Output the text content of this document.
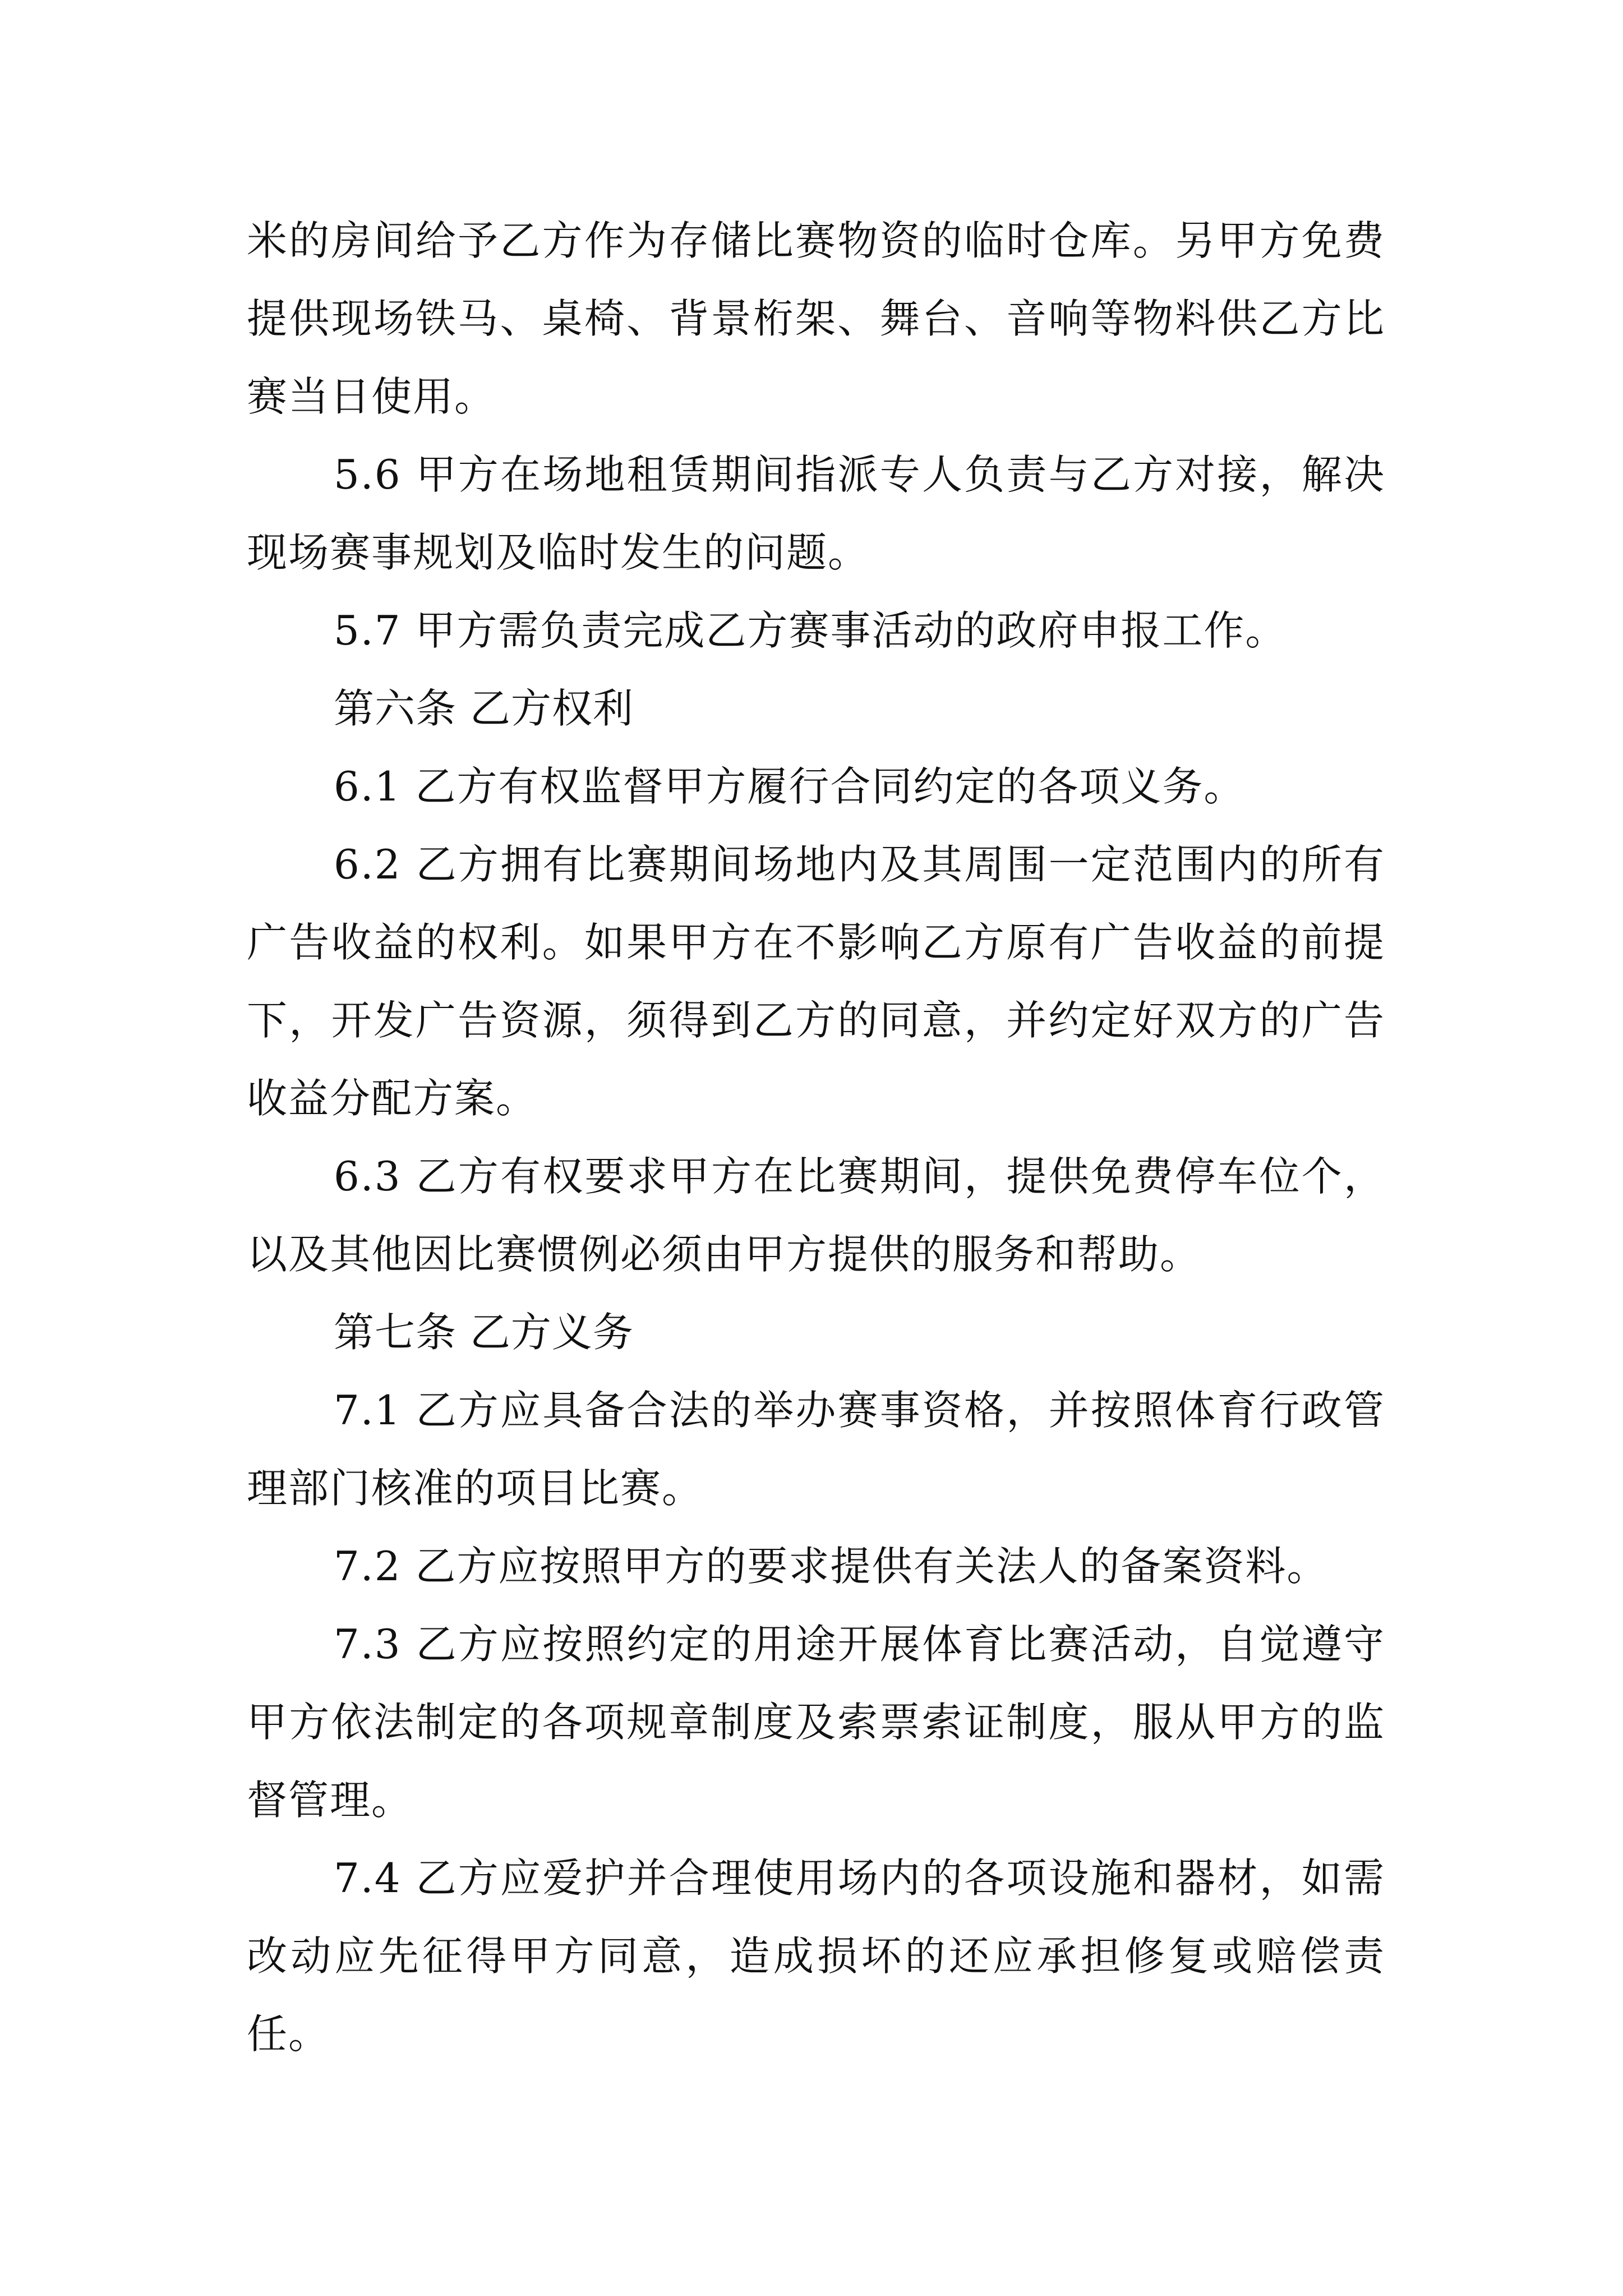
米的房间给予乙方作为存储比赛物资的临时仓库。另甲方免费提供现场铁马、桌椅、背景桁架、舞台、音响等物料供乙方比赛当日使用。

5.6 甲方在场地租赁期间指派专人负责与乙方对接，解决现场赛事规划及临时发生的问题。

5.7 甲方需负责完成乙方赛事活动的政府申报工作。

第六条 乙方权利

6.1 乙方有权监督甲方履行合同约定的各项义务。

6.2 乙方拥有比赛期间场地内及其周围一定范围内的所有广告收益的权利。如果甲方在不影响乙方原有广告收益的前提下，开发广告资源，须得到乙方的同意，并约定好双方的广告收益分配方案。

6.3 乙方有权要求甲方在比赛期间，提供免费停车位个，以及其他因比赛惯例必须由甲方提供的服务和帮助。

第七条 乙方义务

7.1 乙方应具备合法的举办赛事资格，并按照体育行政管理部门核准的项目比赛。

7.2 乙方应按照甲方的要求提供有关法人的备案资料。

7.3 乙方应按照约定的用途开展体育比赛活动，自觉遵守甲方依法制定的各项规章制度及索票索证制度，服从甲方的监督管理。

7.4 乙方应爱护并合理使用场内的各项设施和器材，如需改动应先征得甲方同意，造成损坏的还应承担修复或赔偿责任。
